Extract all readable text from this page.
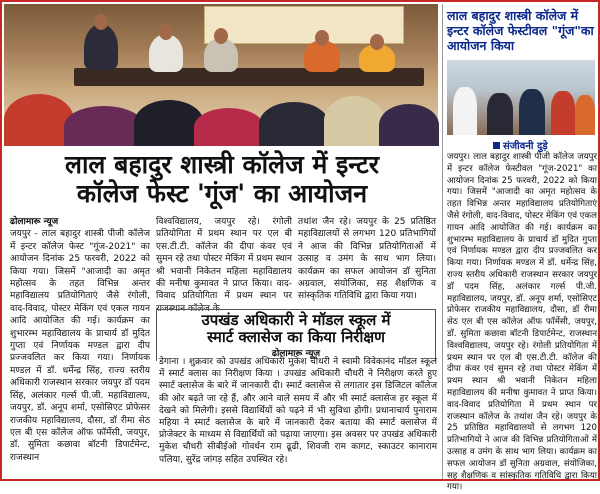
लाल बहादुर शास्त्री कॉलेज में इन्टर
कॉलेज फेस्ट 'गूंज' का आयोजन
ढोलामारू न्यूज
जयपुर - लाल बहादुर शास्त्री पीजी कॉलेज में इन्टर कॉलेज फेस्ट "गूंज-2021" का आयोजन दिनांक 25 फरवरी, 2022 को किया गया। जिसमें "आजादी का अमृत महोत्सव के तहत विभिन्न अन्तर महाविद्यालय प्रतियोगिताएं जैसे रंगोली, वाद-विवाद, पोस्टर मेकिंग एवं एकल गायन आदि आयोजित की गई। कार्यक्रम का शुभारम्भ महाविद्यालय के प्राचार्य डॉ मुदित गुप्ता एवं निर्णायक मण्डल द्वारा दीप प्रज्जवलित कर किया गया। निर्णायक मण्डल में डॉ. धर्मेन्द्र सिंह, राज्य स्तरीय अधिकारी राजस्थान सरकार जयपुर डॉ पदम सिंह, अलंकार गर्ल्स पी.जी. महाविद्यालय, जयपुर, डॉ. अनूप शर्मा, एसोसिएट प्रोफेसर राजकीय महाविद्यालय, दौसा, डॉ रीमा सेठ एल बी एस कॉलेज ऑफ फॉर्मेसी, जयपुर, डॉ. सुमिता कछावा बॉटनी डिपार्टमेन्ट, राजस्थान
विश्वविद्यालय, जयपुर रहे। रंगोली प्रतियोगिता में प्रथम स्थान पर एल बी एस.टी.टी. कॉलेज की दीपा कंवर एवं सुमन रहे तथा पोस्टर मेकिंग में प्रथम स्थान श्री भवानी निकेतन महिला महाविद्यालय की मनीषा कुमावत ने प्राप्त किया। वाद-विवाद प्रतियोगिता में प्रथम स्थान पर राजस्थान कॉलेज के
तथांश जैन रहे। जयपुर के 25 प्रतिष्ठित महाविद्यालयों से लगभग 120 प्रतिभागियों ने आज की विभिन्न प्रतियोगिताओं में उत्साह व उमंग के साथ भाग लिया। कार्यक्रम का सफल आयोजन डॉ सुनिता अग्रवाल, संयोजिका, सह शैक्षणिक व सांस्कृतिक गतिविधि द्वारा किया गया।
उपखंड अधिकारी ने मॉडल स्कूल में
स्मार्ट क्लासेज का किया निरीक्षण
ढोलामारू न्यूज
डेगाना । शुक्रवार को उपखंड अधिकारी मुकेश चौधरी ने स्वामी विवेकानंद मॉडल स्कूल में स्मार्ट क्लास का निरीक्षण किया । उपखंड अधिकारी चौधरी ने निरीक्षण करते हुए स्मार्ट क्लासेज के बारे में जानकारी दी। स्मार्ट क्लासेज से लगातार इस डिजिटल कॉलेज की ओर बढ़ते जा रहे हैं, और आने वाले समय में और भी स्मार्ट क्लासेज हर स्कूल में देखने को मिलेगी। इससे विद्यार्थियों को पढ़ने में भी सुविधा होगी। प्रधानाचार्य पुनाराम महिया ने स्मार्ट क्लासेज के बारे में जानकारी देकर बताया की स्मार्ट क्लासेज में प्रोजेक्टर के माध्यम से विद्यार्थियों को पढ़ाया जाएगा। इस अवसर पर उपखंड अधिकारी मुकेश चौधरी सीबीईओ गोवर्धन राम ढूढी, शिवजी राम कागट, स्काउटर कानाराम पलिया, सुरेंद्र जांगड़ सहित उपस्थित रहे।
लाल बहादुर शास्त्री कॉलेज में इन्टर कॉलेज फेस्टीवल "गूंज"का आयोजन किया
संजीवनी दुड़े
जयपुर। लाल बहादुर शास्त्री पीजी कॉलेज जयपुर में इन्टर कॉलेज फेस्टीवल "गूंज-2021" का आयोजन दिनांक 25 फरवरी, 2022 को किया गया। जिसमें "आजादी का अमृत महोत्सव के तहत विभिन्न अन्तर महाविद्यालय प्रतियोगिताएं जैसे रंगोली, वाद-विवाद, पोस्टर मेकिंग एवं एकल गायन आदि आयोजित की गई। कार्यक्रम का शुभारम्भ महाविद्यालय के प्राचार्य डॉ मुदित गुप्ता एवं निर्णायक मण्डल द्वारा दीप प्रज्जवलित कर किया गया। निर्णायक मण्डल में डॉ. धर्मेन्द्र सिंह, राज्य स्तरीय अधिकारी राजस्थान सरकार जयपुर डॉ पदम सिंह, अलंकार गर्ल्स पी.जी. महाविद्यालय, जयपुर, डॉ. अनूप शर्मा, एसोसिएट प्रोफेसर राजकीय महाविद्यालय, दौसा, डॉ रीमा सेठ एल बी एस कॉलेज ऑफ फॉर्मेसी, जयपुर, डॉ. सुमिता कछावा बॉटनी डिपार्टमेन्ट, राजस्थान विश्वविद्यालय, जयपुर रहे। रंगोली प्रतियोगिता में प्रथम स्थान पर एल बी एस.टी.टी. कॉलेज की दीपा कंवर एवं सुमन रहे तथा पोस्टर मेकिंग में प्रथम स्थान श्री भवानी निकेतन महिला महाविद्यालय की मनीषा कुमावत ने प्राप्त किया। वाद-विवाद प्रतियोगिता में प्रथम स्थान पर राजस्थान कॉलेज के तथांश जैन रहे। जयपुर के 25 प्रतिष्ठित महाविद्यालयों से लगभग 120 प्रतिभागियों ने आज की विभिन्न प्रतियोगिताओं में उत्साह व उमंग के साथ भाग लिया। कार्यक्रम का सफल आयोजन डॉ सुनिता अग्रवाल, संयोजिका, सह शैक्षणिक व सांस्कृतिक गतिविधि द्वारा किया गया।
